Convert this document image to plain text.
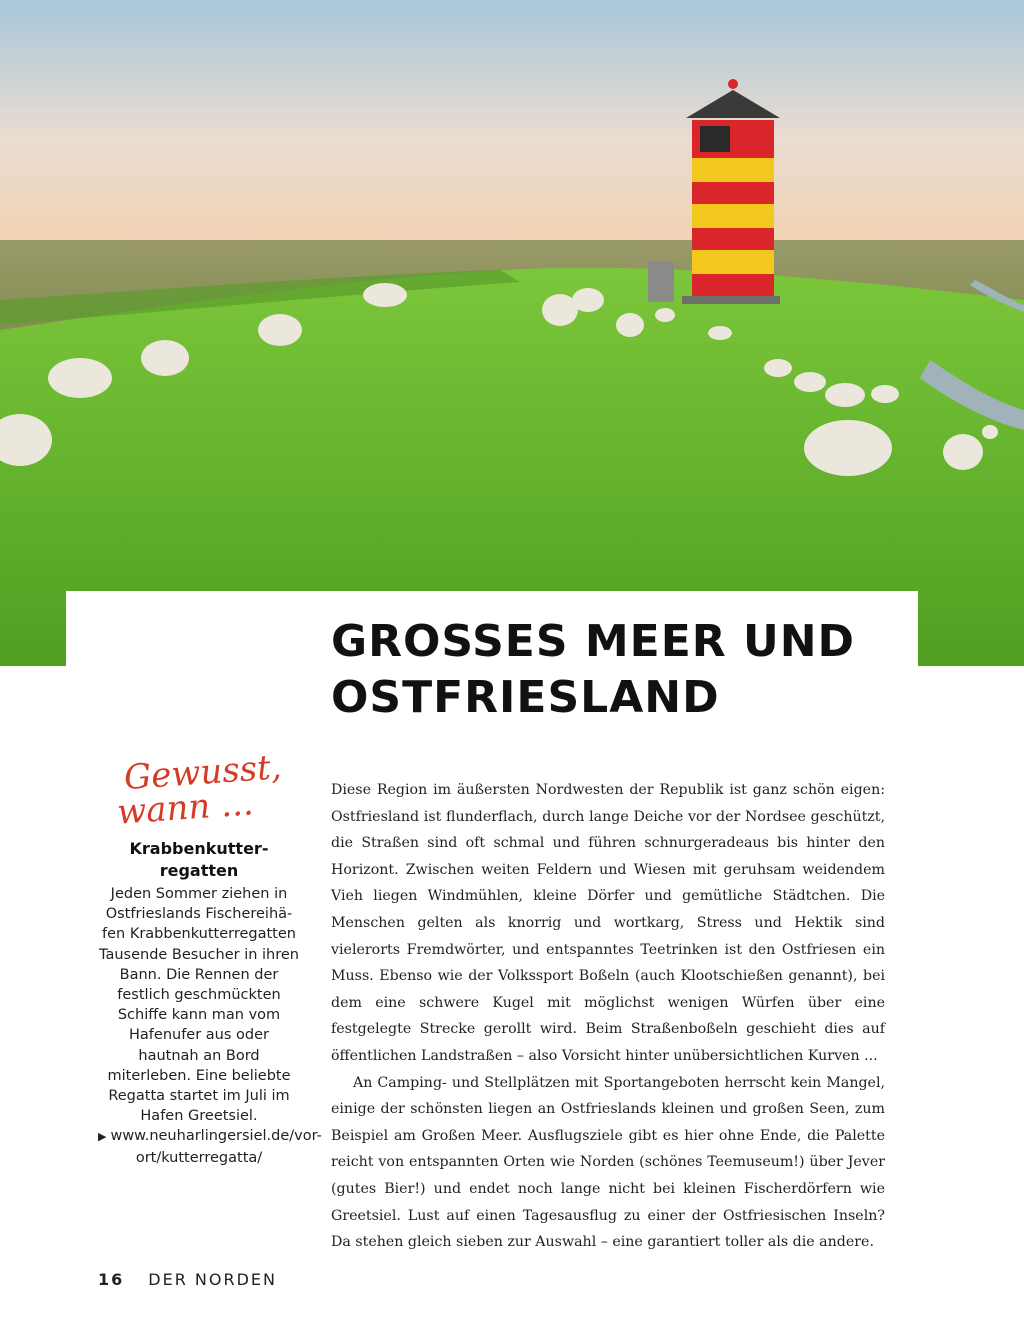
GROSSES MEER UND
OSTFRIESLAND
Gewusst,
wann ...

Krabbenkutter-regatten

Jeden Sommer ziehen in Ostfrieslands Fischereihäfen Krabbenkutterregatten Tausende Besucher in ihren Bann. Die Rennen der festlich geschmückten Schiffe kann man vom Hafenufer aus oder hautnah an Bord miterleben. Eine beliebte Regatta startet im Juli im Hafen Greetsiel.

▶ www.neuharlingersiel.de/vor-ort/kutterregatta/

Diese Region im äußersten Nordwesten der Republik ist ganz schön eigen: Ostfriesland ist flunderflach, durch lange Deiche vor der Nordsee geschützt, die Straßen sind oft schmal und führen schnurgeradeaus bis hinter den Horizont. Zwischen weiten Feldern und Wiesen mit geruhsam weidendem Vieh liegen Windmühlen, kleine Dörfer und gemütliche Städtchen. Die Menschen gelten als knorrig und wortkarg, Stress und Hektik sind vielerorts Fremdwörter, und entspanntes Teetrinken ist den Ostfriesen ein Muss. Ebenso wie der Volkssport Boßeln (auch Klootschießen genannt), bei dem eine schwere Kugel mit möglichst wenigen Würfen über eine festgelegte Strecke gerollt wird. Beim Straßenboßeln geschieht dies auf öffentlichen Landstraßen – also Vorsicht hinter unübersichtlichen Kurven ...

An Camping- und Stellplätzen mit Sportangeboten herrscht kein Mangel, einige der schönsten liegen an Ostfrieslands kleinen und großen Seen, zum Beispiel am Großen Meer. Ausflugsziele gibt es hier ohne Ende, die Palette reicht von entspannten Orten wie Norden (schönes Teemuseum!) über Jever (gutes Bier!) und endet noch lange nicht bei kleinen Fischerdörfern wie Greetsiel. Lust auf einen Tagesausflug zu einer der Ostfriesischen Inseln? Da stehen gleich sieben zur Auswahl – eine garantiert toller als die andere.

16 DER NORDEN
